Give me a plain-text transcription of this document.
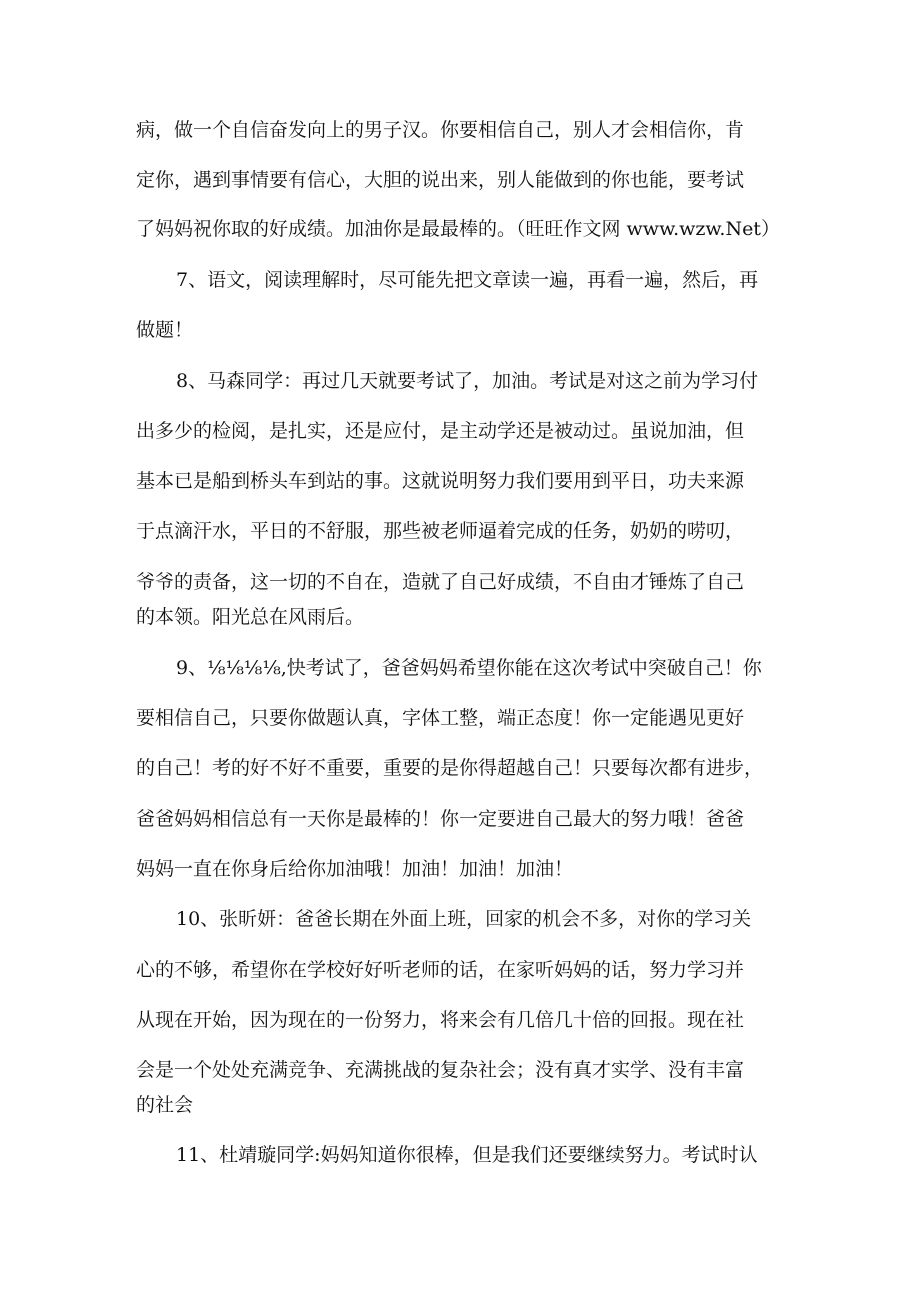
病，做一个自信奋发向上的男子汉。你要相信自己，别人才会相信你，肯

定你，遇到事情要有信心，大胆的说出来，别人能做到的你也能，要考试

了妈妈祝你取的好成绩。加油你是最最棒的。（旺旺作文网 www.wzw.Net）

7、语文，阅读理解时，尽可能先把文章读一遍，再看一遍，然后，再

做题！

8、马森同学：再过几天就要考试了，加油。考试是对这之前为学习付

出多少的检阅，是扎实，还是应付，是主动学还是被动过。虽说加油，但

基本已是船到桥头车到站的事。这就说明努力我们要用到平日，功夫来源

于点滴汗水，平日的不舒服，那些被老师逼着完成的任务，奶奶的唠叨，

爷爷的责备，这一切的不自在，造就了自己好成绩，不自由才锤炼了自己

的本领。阳光总在风雨后。

9、⅛⅛⅛⅛,快考试了，爸爸妈妈希望你能在这次考试中突破自己！你

要相信自己，只要你做题认真，字体工整，端正态度！你一定能遇见更好

的自己！考的好不好不重要，重要的是你得超越自己！只要每次都有进步，

爸爸妈妈相信总有一天你是最棒的！你一定要进自己最大的努力哦！爸爸

妈妈一直在你身后给你加油哦！加油！加油！加油！

10、张昕妍：爸爸长期在外面上班，回家的机会不多，对你的学习关

心的不够，希望你在学校好好听老师的话，在家听妈妈的话，努力学习并

从现在开始，因为现在的一份努力，将来会有几倍几十倍的回报。现在社

会是一个处处充满竞争、充满挑战的复杂社会；没有真才实学、没有丰富

的社会

11、杜靖璇同学:妈妈知道你很棒，但是我们还要继续努力。考试时认
